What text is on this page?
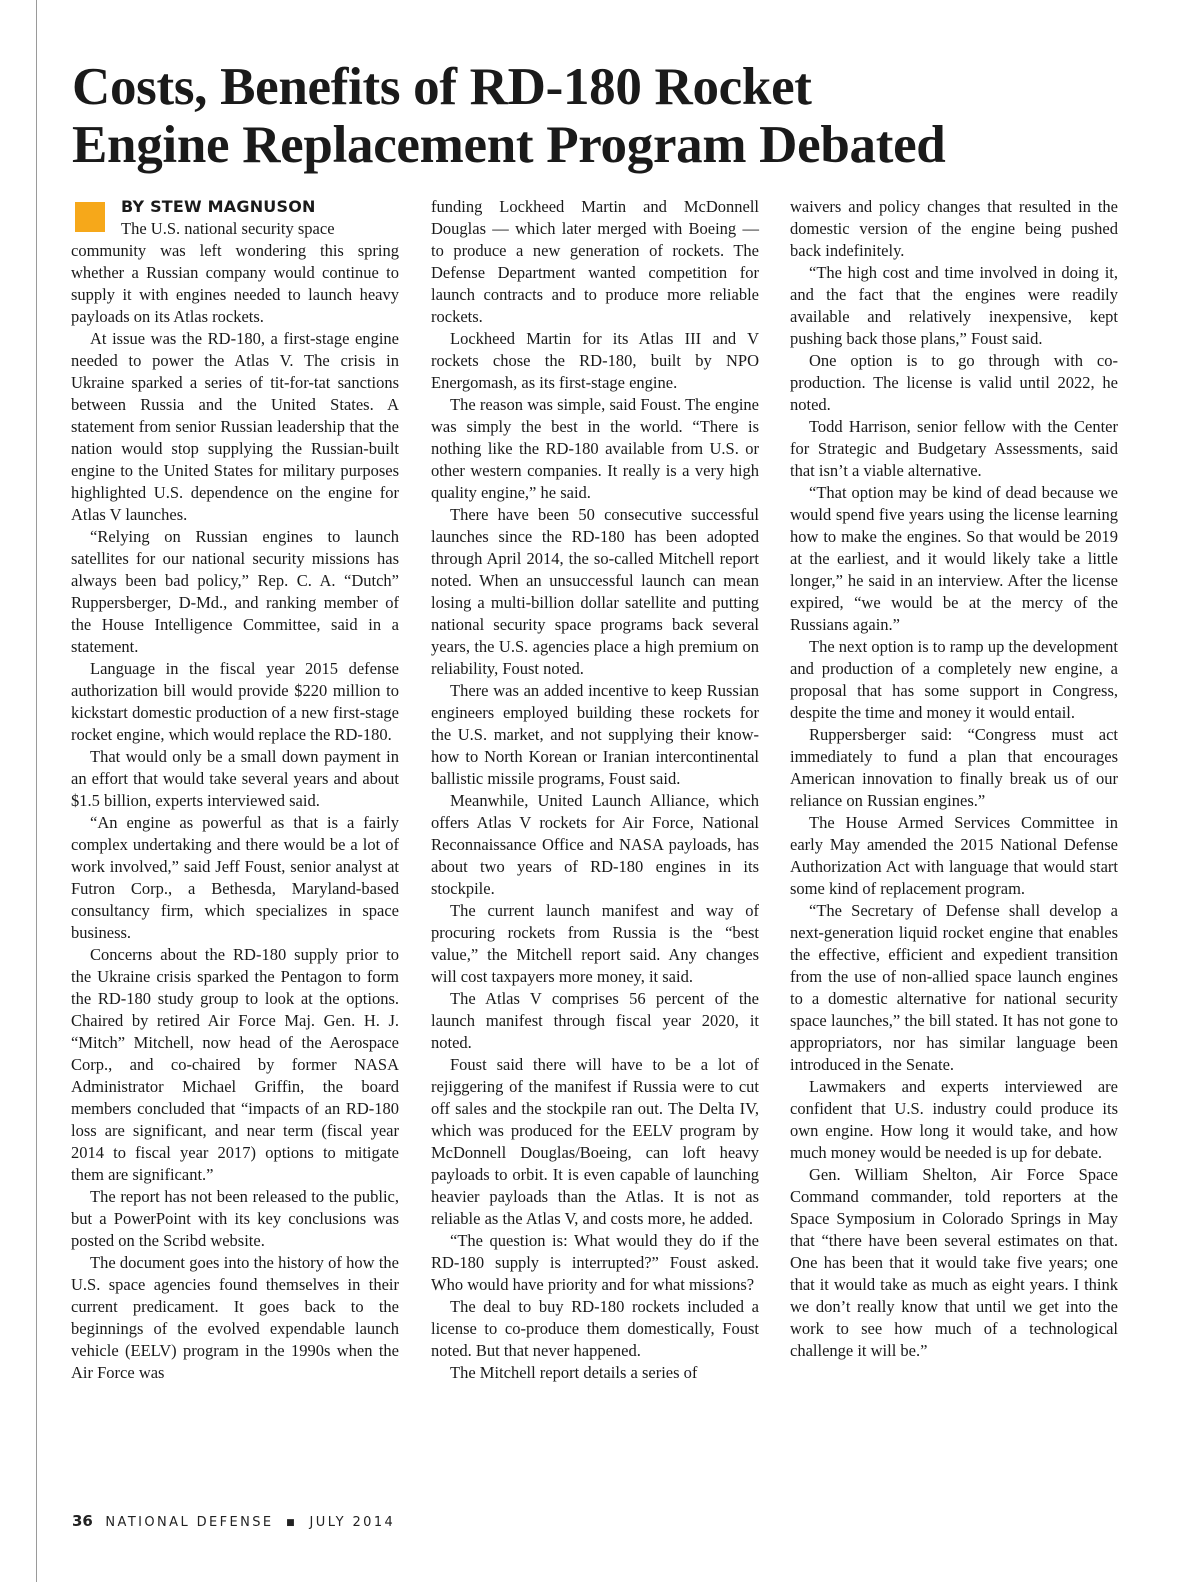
Costs, Benefits of RD-180 Rocket
Engine Replacement Program Debated
BY STEW MAGNUSON
The U.S. national security space

community was left wondering this spring whether a Russian company would continue to supply it with engines needed to launch heavy payloads on its Atlas rockets.

At issue was the RD-180, a first-stage engine needed to power the Atlas V. The crisis in Ukraine sparked a series of tit-for-tat sanctions between Russia and the United States. A statement from senior Russian leadership that the nation would stop supplying the Russian-built engine to the United States for military purposes highlighted U.S. dependence on the engine for Atlas V launches.

“Relying on Russian engines to launch satellites for our national security missions has always been bad policy,” Rep. C. A. “Dutch” Ruppersberger, D-Md., and ranking member of the House Intelligence Committee, said in a statement.

Language in the fiscal year 2015 defense authorization bill would provide $220 million to kickstart domestic production of a new first-stage rocket engine, which would replace the RD-180.

That would only be a small down payment in an effort that would take several years and about $1.5 billion, experts interviewed said.

“An engine as powerful as that is a fairly complex undertaking and there would be a lot of work involved,” said Jeff Foust, senior analyst at Futron Corp., a Bethesda, Maryland-based consultancy firm, which specializes in space business.

Concerns about the RD-180 supply prior to the Ukraine crisis sparked the Pentagon to form the RD-180 study group to look at the options. Chaired by retired Air Force Maj. Gen. H. J. “Mitch” Mitchell, now head of the Aerospace Corp., and co-chaired by former NASA Administrator Michael Griffin, the board members concluded that “impacts of an RD-180 loss are significant, and near term (fiscal year 2014 to fiscal year 2017) options to mitigate them are significant.”

The report has not been released to the public, but a PowerPoint with its key conclusions was posted on the Scribd website.

The document goes into the history of how the U.S. space agencies found themselves in their current predicament. It goes back to the beginnings of the evolved expendable launch vehicle (EELV) program in the 1990s when the Air Force was

funding Lockheed Martin and McDonnell Douglas — which later merged with Boeing — to produce a new generation of rockets. The Defense Department wanted competition for launch contracts and to produce more reliable rockets.

Lockheed Martin for its Atlas III and V rockets chose the RD-180, built by NPO Energomash, as its first-stage engine.

The reason was simple, said Foust. The engine was simply the best in the world. “There is nothing like the RD-180 available from U.S. or other western companies. It really is a very high quality engine,” he said.

There have been 50 consecutive successful launches since the RD-180 has been adopted through April 2014, the so-called Mitchell report noted. When an unsuccessful launch can mean losing a multi-billion dollar satellite and putting national security space programs back several years, the U.S. agencies place a high premium on reliability, Foust noted.

There was an added incentive to keep Russian engineers employed building these rockets for the U.S. market, and not supplying their know-how to North Korean or Iranian intercontinental ballistic missile programs, Foust said.

Meanwhile, United Launch Alliance, which offers Atlas V rockets for Air Force, National Reconnaissance Office and NASA payloads, has about two years of RD-180 engines in its stockpile.

The current launch manifest and way of procuring rockets from Russia is the “best value,” the Mitchell report said. Any changes will cost taxpayers more money, it said.

The Atlas V comprises 56 percent of the launch manifest through fiscal year 2020, it noted.

Foust said there will have to be a lot of rejiggering of the manifest if Russia were to cut off sales and the stockpile ran out. The Delta IV, which was produced for the EELV program by McDonnell Douglas/Boeing, can loft heavy payloads to orbit. It is even capable of launching heavier payloads than the Atlas. It is not as reliable as the Atlas V, and costs more, he added.

“The question is: What would they do if the RD-180 supply is interrupted?” Foust asked. Who would have priority and for what missions?

The deal to buy RD-180 rockets included a license to co-produce them domestically, Foust noted. But that never happened.

The Mitchell report details a series of

waivers and policy changes that resulted in the domestic version of the engine being pushed back indefinitely.

“The high cost and time involved in doing it, and the fact that the engines were readily available and relatively inexpensive, kept pushing back those plans,” Foust said.

One option is to go through with co-production. The license is valid until 2022, he noted.

Todd Harrison, senior fellow with the Center for Strategic and Budgetary Assessments, said that isn’t a viable alternative.

“That option may be kind of dead because we would spend five years using the license learning how to make the engines. So that would be 2019 at the earliest, and it would likely take a little longer,” he said in an interview. After the license expired, “we would be at the mercy of the Russians again.”

The next option is to ramp up the development and production of a completely new engine, a proposal that has some support in Congress, despite the time and money it would entail.

Ruppersberger said: “Congress must act immediately to fund a plan that encourages American innovation to finally break us of our reliance on Russian engines.”

The House Armed Services Committee in early May amended the 2015 National Defense Authorization Act with language that would start some kind of replacement program.

“The Secretary of Defense shall develop a next-generation liquid rocket engine that enables the effective, efficient and expedient transition from the use of non-allied space launch engines to a domestic alternative for national security space launches,” the bill stated. It has not gone to appropriators, nor has similar language been introduced in the Senate.

Lawmakers and experts interviewed are confident that U.S. industry could produce its own engine. How long it would take, and how much money would be needed is up for debate.

Gen. William Shelton, Air Force Space Command commander, told reporters at the Space Symposium in Colorado Springs in May that “there have been several estimates on that. One has been that it would take five years; one that it would take as much as eight years. I think we don’t really know that until we get into the work to see how much of a technological challenge it will be.”

36 NATIONAL DEFENSE ■ JULY 2014
